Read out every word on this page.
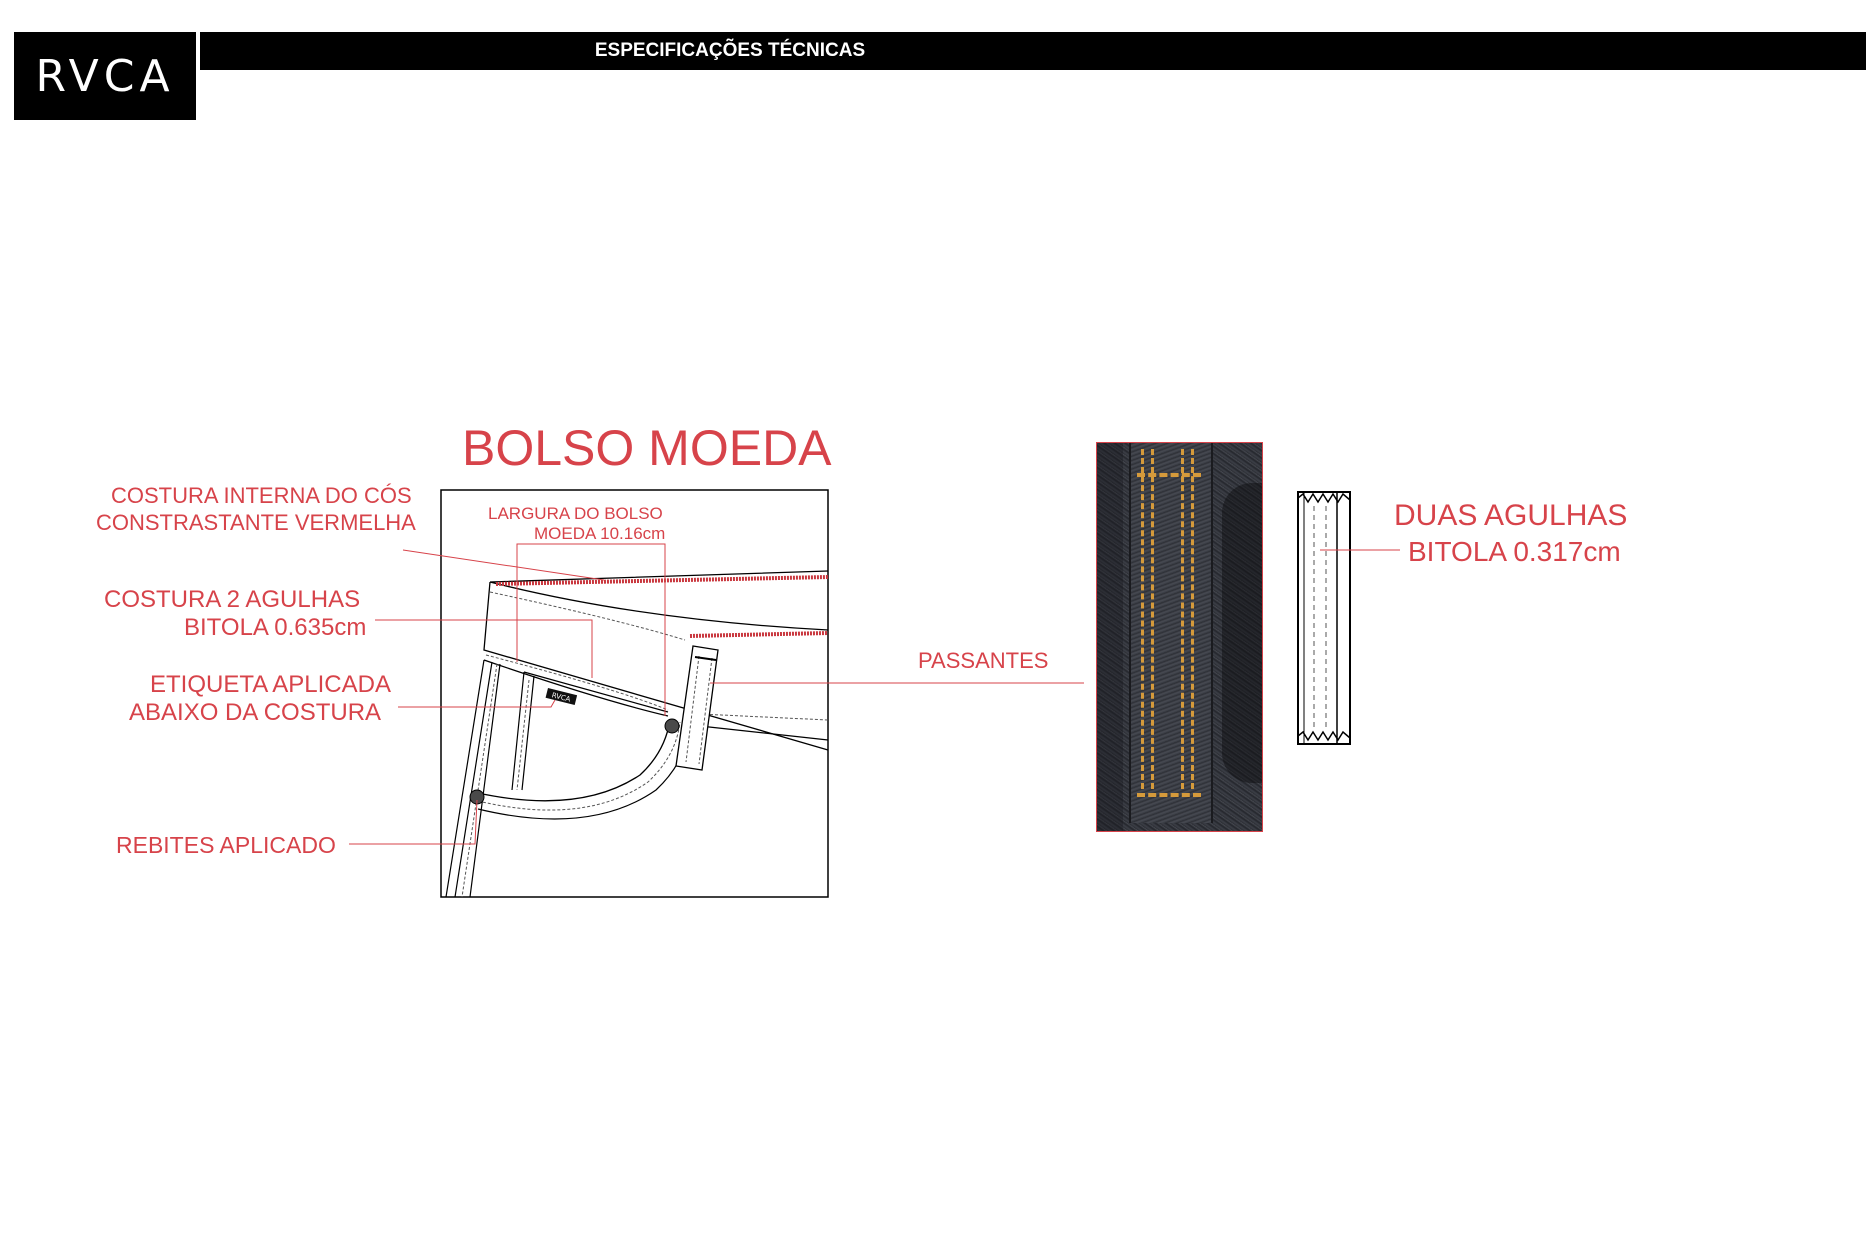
RVCA	ESPECIFICAÇÕES TÉCNICAS
RVCA
BOLSO MOEDA
COSTURA INTERNA DO CÓS
CONSTRASTANTE VERMELHA
COSTURA 2 AGULHAS
BITOLA 0.635cm
ETIQUETA APLICADA
ABAIXO DA COSTURA
REBITES APLICADO
LARGURA DO BOLSO
MOEDA 10.16cm
PASSANTES
DUAS AGULHAS
BITOLA 0.317cm
